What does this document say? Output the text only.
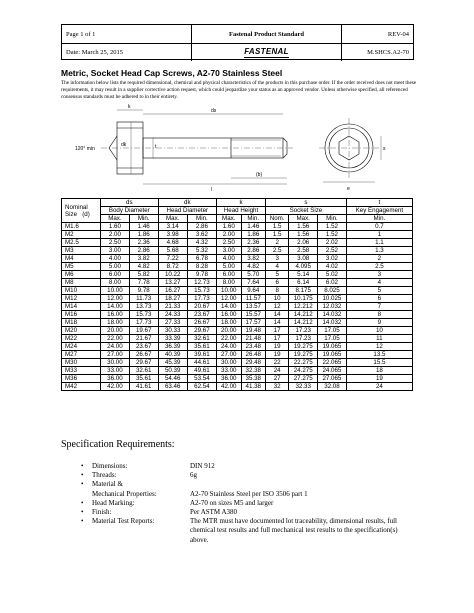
Page 1 of 1	Fastenal Product Standard	REV-04
Date: March 25, 2015	FASTENAL	M.SHCS.A2-70
Metric, Socket Head Cap Screws, A2-70 Stainless Steel
The information below lists the required dimensional, chemical and physical characteristics of the products in this purchase order. If the order received does not meet these requirements, it may result in a supplier corrective action request, which could jeopardize your status as an approved vendor. Unless otherwise specified, all referenced consensus standards must be adhered to in their entirety.
120° min
ds
dk
k
(b)
l
s
t
e
Nominal
Size (d)	ds		dk		k		s			t
	Body Diameter		Head Diameter		Head Height		Socket Size			Key Engagement
	Max.	Min.	Max.	Min.	Max.	Min.	Nom.	Max.	Min.	Min.
M1.6	1.60	1.46	3.14	2.86	1.60	1.46	1.5	1.56	1.52	0.7
M2	2.00	1.86	3.98	3.62	2.00	1.86	1.5	1.56	1.52	1
M2.5	2.50	2.36	4.68	4.32	2.50	2.36	2	2.06	2.02	1.1
M3	3.00	2.86	5.68	5.32	3.00	2.86	2.5	2.58	2.52	1.3
M4	4.00	3.82	7.22	6.78	4.00	3.82	3	3.08	3.02	2
M5	5.00	4.82	8.72	8.28	5.00	4.82	4	4.095	4.02	2.5
M6	6.00	5.82	10.22	9.78	6.00	5.70	5	5.14	5.02	3
M8	8.00	7.78	13.27	12.73	8.00	7.64	6	6.14	6.02	4
M10	10.00	9.78	16.27	15.73	10.00	9.64	8	8.175	8.025	5
M12	12.00	11.73	18.27	17.73	12.00	11.57	10	10.175	10.025	6
M14	14.00	13.73	21.33	20.67	14.00	13.57	12	12.212	12.032	7
M16	16.00	15.73	24.33	23.67	16.00	15.57	14	14.212	14.032	8
M18	18.00	17.73	27.33	26.67	18.00	17.57	14	14.212	14.032	9
M20	20.00	19.67	30.33	29.67	20.00	19.48	17	17.23	17.05	10
M22	22.00	21.67	33.39	32.61	22.00	21.48	17	17.23	17.05	11
M24	24.00	23.67	36.39	35.61	24.00	23.48	19	19.275	19.065	12
M27	27.00	26.67	40.39	39.61	27.00	26.48	19	19.275	19.065	13.5
M30	30.00	29.67	45.39	44.61	30.00	29.48	22	22.275	22.065	15.5
M33	33.00	32.61	50.39	49.61	33.00	32.38	24	24.275	24.065	18
M36	36.00	35.61	54.46	53.54	36.00	35.38	27	27.275	27.065	19
M42	42.00	41.61	63.46	62.54	42.00	41.38	32	32.33	32.08	24
Specification Requirements:
•	Dimensions:	DIN 912
•	Threads:	6g
•	Material &
Mechanical Properties:	A2-70 Stainless Steel per ISO 3506 part 1
•	Head Marking:	A2-70 on sizes M5 and larger
•	Finish:	Per ASTM A380
•	Material Test Reports:	The MTR must have documented lot traceability, dimensional results, full chemical test results and full mechanical test results to the specification(s) above.
